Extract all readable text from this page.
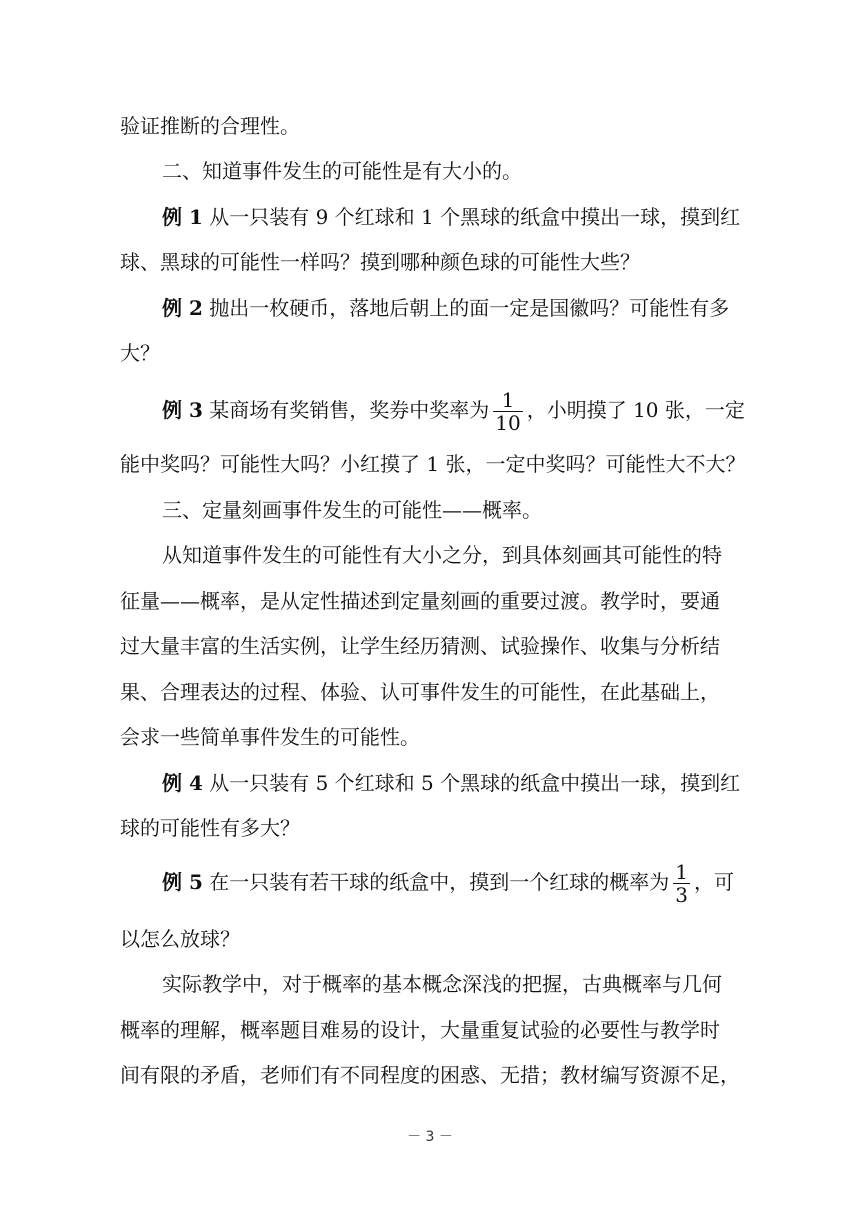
验证推断的合理性。
二、知道事件发生的可能性是有大小的。
例 1 从一只装有 9 个红球和 1 个黑球的纸盒中摸出一球，摸到红
球、黑球的可能性一样吗？摸到哪种颜色球的可能性大些？
例 2 抛出一枚硬币，落地后朝上的面一定是国徽吗？可能性有多
大？
例 3 某商场有奖销售，奖券中奖率为 $\frac{1}{10}$ ，小明摸了 10 张，一定
能中奖吗？可能性大吗？小红摸了 1 张，一定中奖吗？可能性大不大？
三、定量刻画事件发生的可能性——概率。
从知道事件发生的可能性有大小之分，到具体刻画其可能性的特
征量——概率，是从定性描述到定量刻画的重要过渡。教学时，要通
过大量丰富的生活实例，让学生经历猜测、试验操作、收集与分析结
果、合理表达的过程、体验、认可事件发生的可能性，在此基础上，
会求一些简单事件发生的可能性。
例 4 从一只装有 5 个红球和 5 个黑球的纸盒中摸出一球，摸到红
球的可能性有多大？
例 5 在一只装有若干球的纸盒中，摸到一个红球的概率为 $\frac{1}{3}$ ，可
以怎么放球？
实际教学中，对于概率的基本概念深浅的把握，古典概率与几何
概率的理解，概率题目难易的设计，大量重复试验的必要性与教学时
间有限的矛盾，老师们有不同程度的困惑、无措；教材编写资源不足，
－ 3 －
